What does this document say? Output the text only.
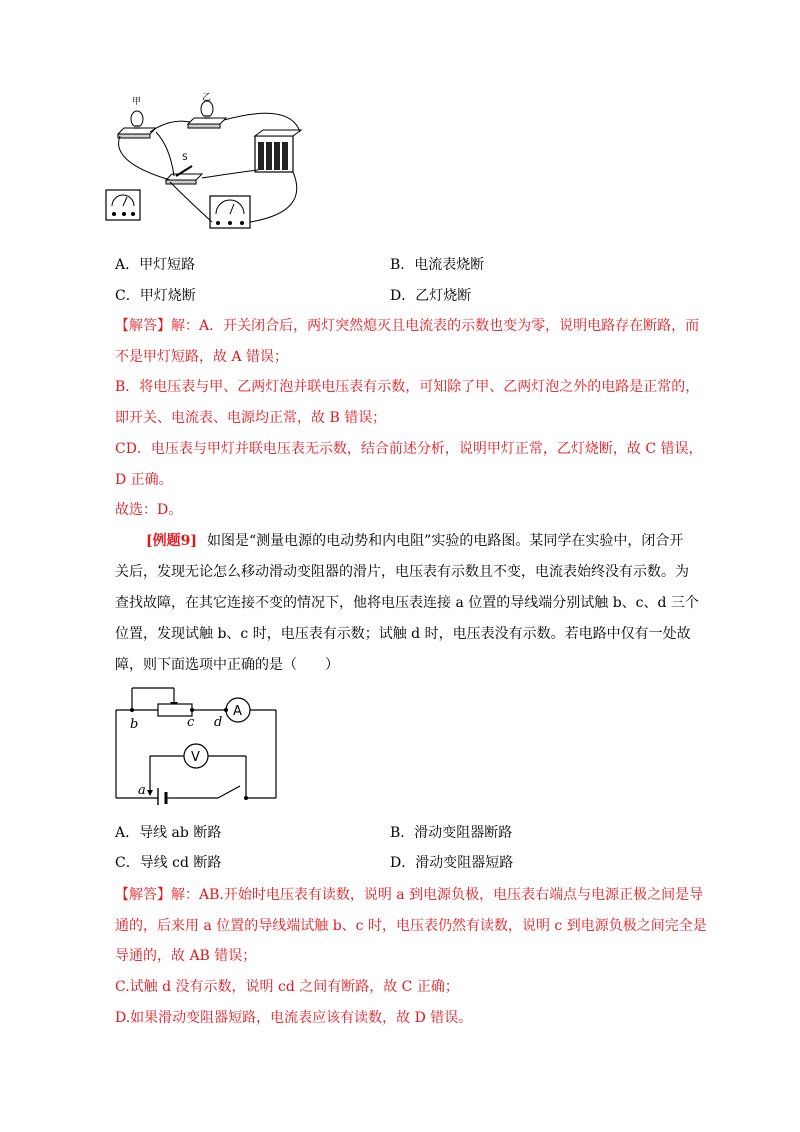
甲	乙
S
A．甲灯短路	B．电流表烧断
C．甲灯烧断	D．乙灯烧断
【解答】解：A．开关闭合后，两灯突然熄灭且电流表的示数也变为零，说明电路存在断路，而
不是甲灯短路，故 A 错误；
B．将电压表与甲、乙两灯泡并联电压表有示数，可知除了甲、乙两灯泡之外的电路是正常的，
即开关、电流表、电源均正常，故 B 错误；
CD．电压表与甲灯并联电压表无示数，结合前述分析，说明甲灯正常，乙灯烧断，故 C 错误，
D 正确。
故选：D。
[例题9] 如图是“测量电源的电动势和内电阻”实验的电路图。某同学在实验中，闭合开
关后，发现无论怎么移动滑动变阻器的滑片，电压表有示数且不变，电流表始终没有示数。为
查找故障，在其它连接不变的情况下，他将电压表连接 a 位置的导线端分别试触 b、c、d 三个
位置，发现试触 b、c 时，电压表有示数；试触 d 时，电压表没有示数。若电路中仅有一处故
障，则下面选项中正确的是（　　）
A
V
b	c d
a
A．导线 ab 断路	B．滑动变阻器断路
C．导线 cd 断路	D．滑动变阻器短路
【解答】解：AB.开始时电压表有读数，说明 a 到电源负极，电压表右端点与电源正极之间是导
通的，后来用 a 位置的导线端试触 b、c 时，电压表仍然有读数，说明 c 到电源负极之间完全是
导通的，故 AB 错误；
C.试触 d 没有示数，说明 cd 之间有断路，故 C 正确；
D.如果滑动变阻器短路，电流表应该有读数，故 D 错误。
